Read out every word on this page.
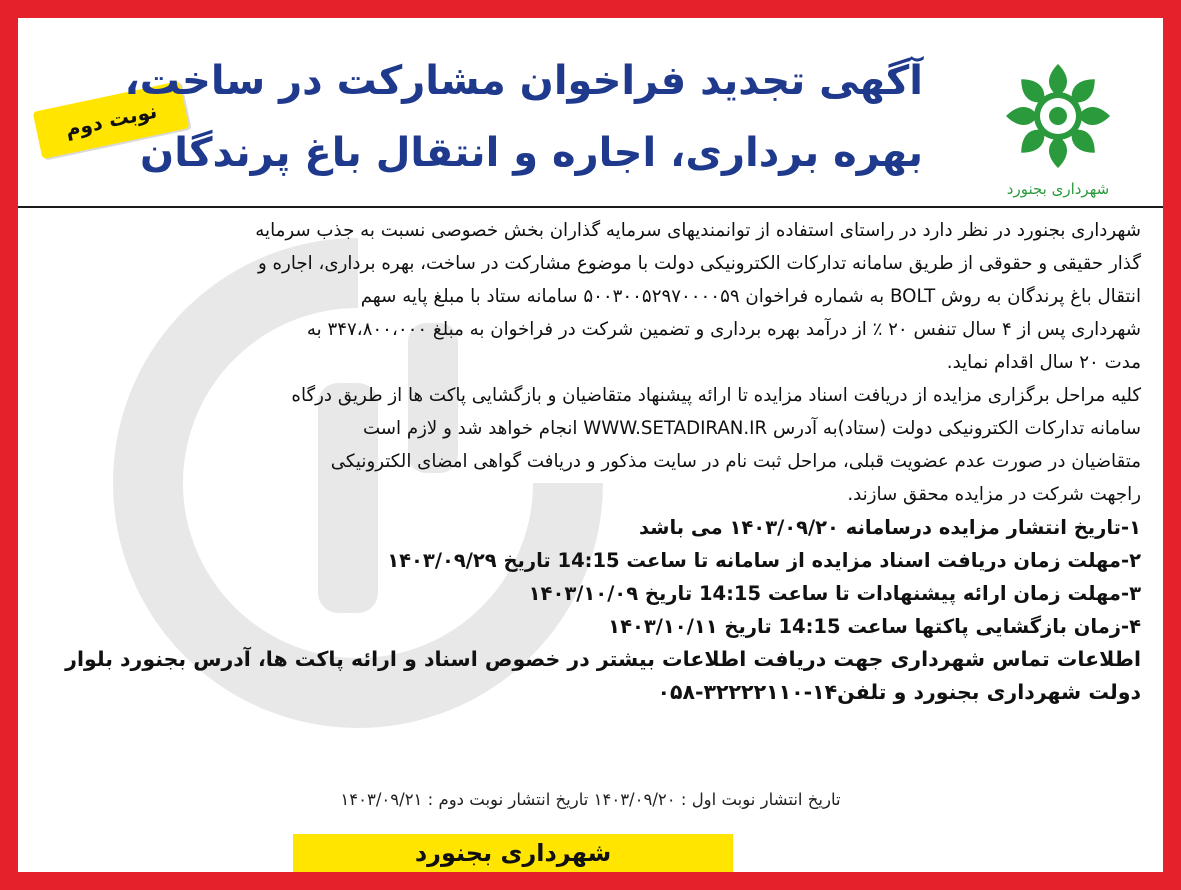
نوبت دوم
آگهی تجدید فراخوان مشارکت در ساخت،
بهره برداری، اجاره و انتقال باغ پرندگان
شهرداری بجنورد

شهرداری بجنورد در نظر دارد در راستای استفاده از توانمندیهای سرمایه گذاران بخش خصوصی نسبت به جذب سرمایه

گذار حقیقی و حقوقی از طریق سامانه تدارکات الکترونیکی دولت با موضوع مشارکت در ساخت، بهره برداری، اجاره و

انتقال باغ پرندگان به روش BOLT به شماره فراخوان ۵۰۰۳۰۰۵۲۹۷۰۰۰۰۵۹ سامانه ستاد با مبلغ پایه سهم

شهرداری پس از ۴ سال تنفس ۲۰ ٪ از درآمد بهره برداری و تضمین شرکت در فراخوان به مبلغ ۳۴۷،۸۰۰،۰۰۰ به

مدت ۲۰ سال اقدام نماید.

کلیه مراحل برگزاری مزایده از دریافت اسناد مزایده تا ارائه پیشنهاد متقاضیان و بازگشایی پاکت ها از طریق درگاه

سامانه تدارکات الکترونیکی دولت (ستاد)به آدرس WWW.SETADIRAN.IR انجام خواهد شد و لازم است

متقاضیان در صورت عدم عضویت قبلی، مراحل ثبت نام در سایت مذکور و دریافت گواهی امضای الکترونیکی

راجهت شرکت در مزایده محقق سازند.

۱-تاریخ انتشار مزایده درسامانه ۱۴۰۳/۰۹/۲۰ می باشد

۲-مهلت زمان دریافت اسناد مزایده از سامانه تا ساعت 14:15 تاریخ ۱۴۰۳/۰۹/۲۹

۳-مهلت زمان ارائه پیشنهادات تا ساعت 14:15 تاریخ ۱۴۰۳/۱۰/۰۹

۴-زمان بازگشایی پاکتها ساعت 14:15 تاریخ ۱۴۰۳/۱۰/۱۱

اطلاعات تماس شهرداری جهت دریافت اطلاعات بیشتر در خصوص اسناد و ارائه پاکت ها، آدرس بجنورد بلوار

دولت شهرداری بجنورد و تلفن۱۴-۳۲۲۲۲۱۱۰-۰۵۸

تاریخ انتشار نوبت اول : ۱۴۰۳/۰۹/۲۰ تاریخ انتشار نوبت دوم : ۱۴۰۳/۰۹/۲۱
شهرداری بجنورد
